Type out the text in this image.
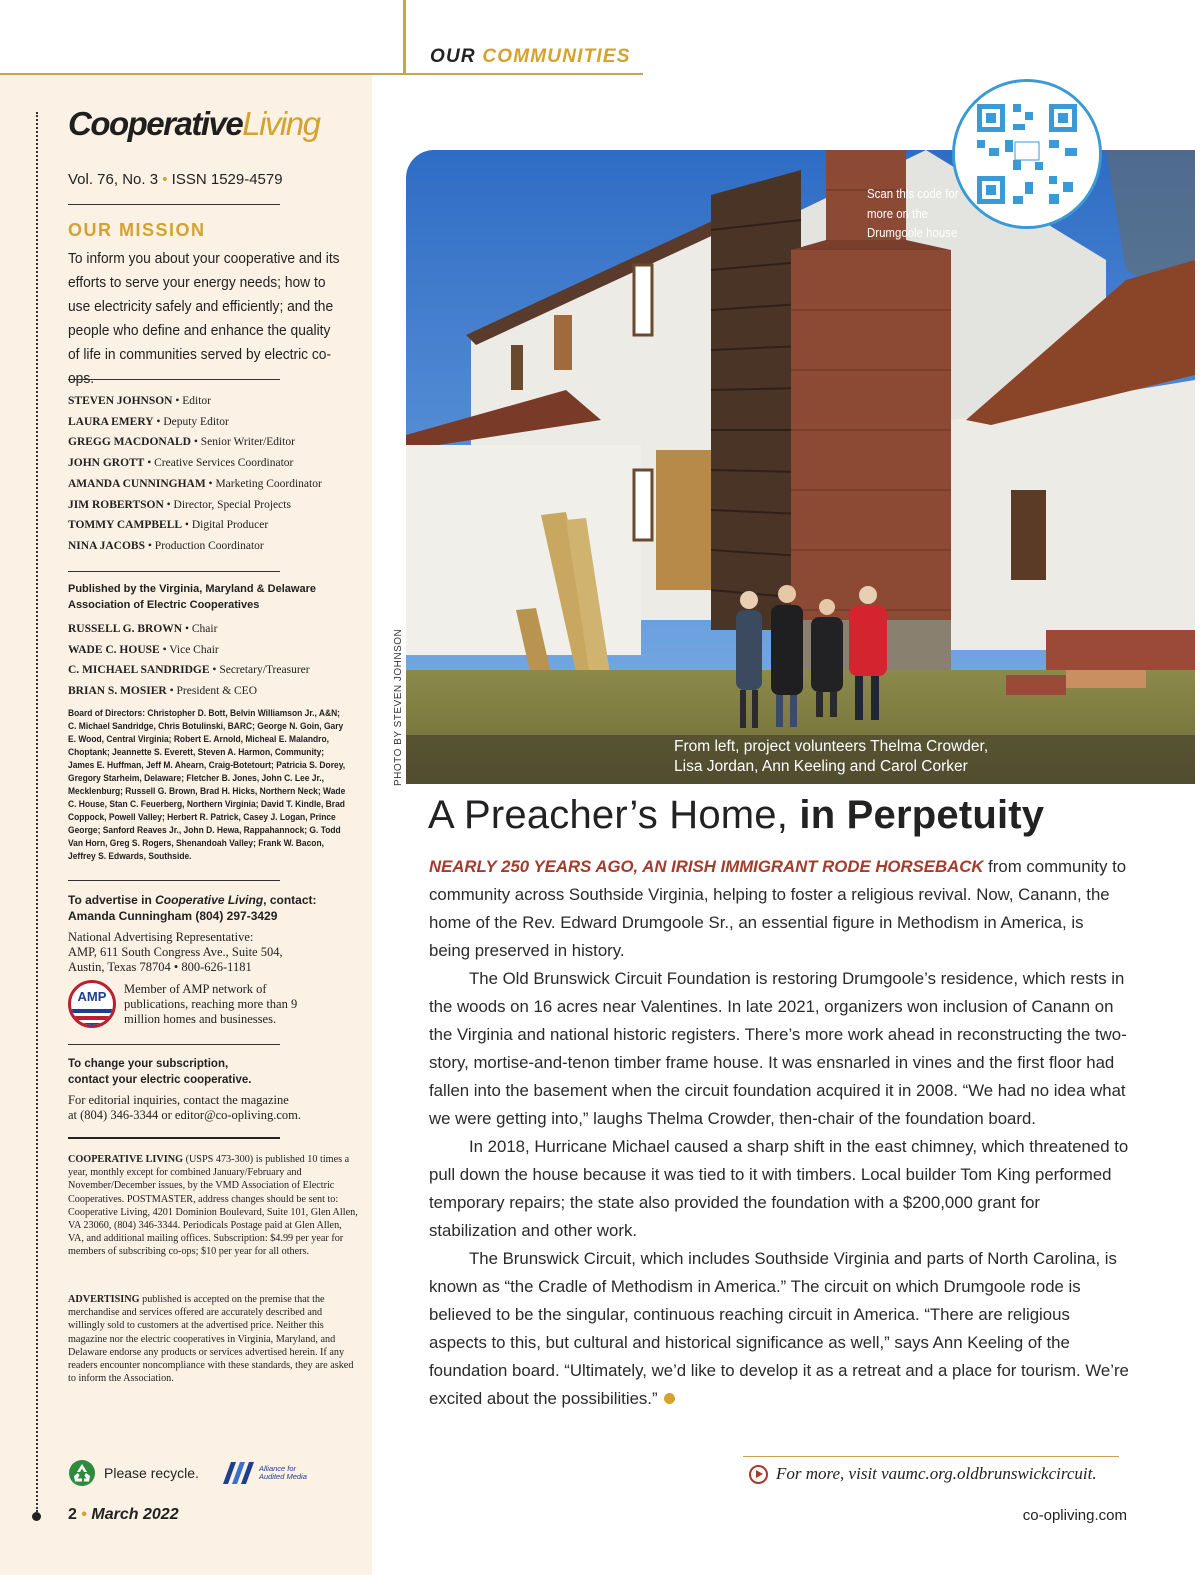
OUR COMMUNITIES
CooperativeLiving
Vol. 76, No. 3 • ISSN 1529-4579
OUR MISSION
To inform you about your cooperative and its efforts to serve your energy needs; how to use electricity safely and efficiently; and the people who define and enhance the quality of life in communities served by electric co-ops.
STEVEN JOHNSON • Editor
LAURA EMERY • Deputy Editor
GREGG MACDONALD • Senior Writer/Editor
JOHN GROTT • Creative Services Coordinator
AMANDA CUNNINGHAM • Marketing Coordinator
JIM ROBERTSON • Director, Special Projects
TOMMY CAMPBELL • Digital Producer
NINA JACOBS • Production Coordinator
Published by the Virginia, Maryland & Delaware
Association of Electric Cooperatives
RUSSELL G. BROWN • Chair
WADE C. HOUSE • Vice Chair
C. MICHAEL SANDRIDGE • Secretary/Treasurer
BRIAN S. MOSIER • President & CEO
Board of Directors: Christopher D. Bott, Belvin Williamson Jr., A&N; C. Michael Sandridge, Chris Botulinski, BARC; George N. Goin, Gary E. Wood, Central Virginia; Robert E. Arnold, Micheal E. Malandro, Choptank; Jeannette S. Everett, Steven A. Harmon, Community; James E. Huffman, Jeff M. Ahearn, Craig-Botetourt; Patricia S. Dorey, Gregory Starheim, Delaware; Fletcher B. Jones, John C. Lee Jr., Mecklenburg; Russell G. Brown, Brad H. Hicks, Northern Neck; Wade C. House, Stan C. Feuerberg, Northern Virginia; David T. Kindle, Brad Coppock, Powell Valley; Herbert R. Patrick, Casey J. Logan, Prince George; Sanford Reaves Jr., John D. Hewa, Rappahannock; G. Todd Van Horn, Greg S. Rogers, Shenandoah Valley; Frank W. Bacon, Jeffrey S. Edwards, Southside.
To advertise in Cooperative Living, contact:
Amanda Cunningham (804) 297-3429
National Advertising Representative:
AMP, 611 South Congress Ave., Suite 504,
Austin, Texas 78704 • 800-626-1181
AMP	Member of AMP network of publications, reaching more than 9 million homes and businesses.
To change your subscription,
contact your electric cooperative.
For editorial inquiries, contact the magazine
at (804) 346-3344 or editor@co-opliving.com.
COOPERATIVE LIVING (USPS 473-300) is published 10 times a year, monthly except for combined January/February and November/December issues, by the VMD Association of Electric Cooperatives. POSTMASTER, address changes should be sent to: Cooperative Living, 4201 Dominion Boulevard, Suite 101, Glen Allen, VA 23060, (804) 346-3344. Periodicals Postage paid at Glen Allen, VA, and additional mailing offices. Subscription: $4.99 per year for members of subscribing co-ops; $10 per year for all others.
ADVERTISING published is accepted on the premise that the merchandise and services offered are accurately described and willingly sold to customers at the advertised price. Neither this magazine nor the electric cooperatives in Virginia, Maryland, and Delaware endorse any products or services advertised herein. If any readers encounter noncompliance with these standards, they are asked to inform the Association.
Please recycle.	Alliance for
Audited Media
2 • March 2022
PHOTO BY STEVEN JOHNSON
Scan this code for more on the Drumgoole house
From left, project volunteers Thelma Crowder,
Lisa Jordan, Ann Keeling and Carol Corker
A Preacher’s Home, in Perpetuity

NEARLY 250 YEARS AGO, AN IRISH IMMIGRANT RODE HORSEBACK from community to community across Southside Virginia, helping to foster a religious revival. Now, Canann, the home of the Rev. Edward Drumgoole Sr., an essential figure in Methodism in America, is being preserved in history.

The Old Brunswick Circuit Foundation is restoring Drumgoole’s residence, which rests in the woods on 16 acres near Valentines. In late 2021, organizers won inclusion of Canann on the Virginia and national historic registers. There’s more work ahead in reconstructing the two-story, mortise-and-tenon timber frame house. It was ensnarled in vines and the first floor had fallen into the basement when the circuit foundation acquired it in 2008. “We had no idea what we were getting into,” laughs Thelma Crowder, then-chair of the foundation board.

In 2018, Hurricane Michael caused a sharp shift in the east chimney, which threatened to pull down the house because it was tied to it with timbers. Local builder Tom King performed temporary repairs; the state also provided the foundation with a $200,000 grant for stabilization and other work.

The Brunswick Circuit, which includes Southside Virginia and parts of North Carolina, is known as “the Cradle of Methodism in America.” The circuit on which Drumgoole rode is believed to be the singular, continuous reaching circuit in America. “There are religious aspects to this, but cultural and historical significance as well,” says Ann Keeling of the foundation board. “Ultimately, we’d like to develop it as a retreat and a place for tourism. We’re excited about the possibilities.”

For more, visit vaumc.org.oldbrunswickcircuit.
co-opliving.com
